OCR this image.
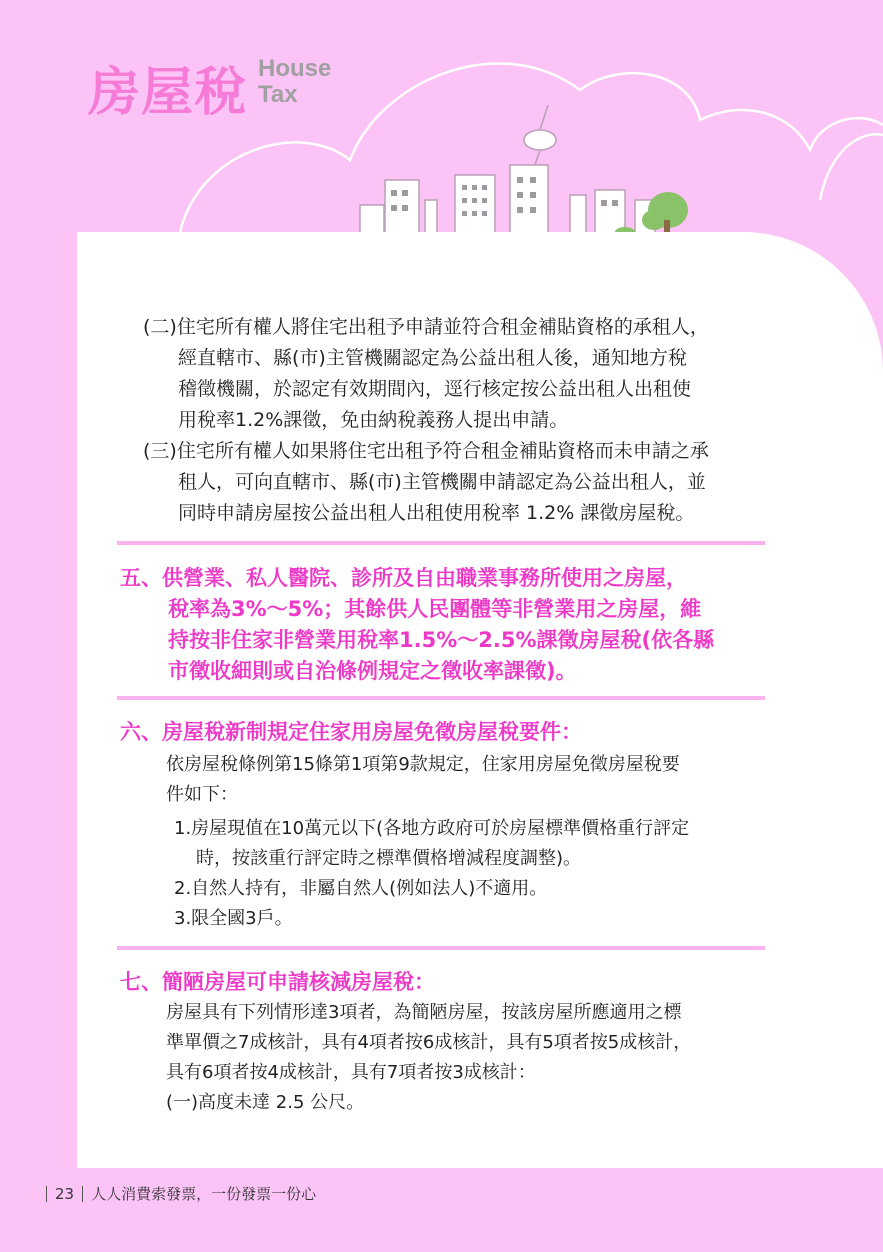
房屋稅 House
Tax

(二)住宅所有權人將住宅出租予申請並符合租金補貼資格的承租人，

經直轄市、縣(市)主管機關認定為公益出租人後，通知地方稅

稽徵機關，於認定有效期間內，逕行核定按公益出租人出租使

用稅率1.2%課徵，免由納稅義務人提出申請。

(三)住宅所有權人如果將住宅出租予符合租金補貼資格而未申請之承

租人，可向直轄市、縣(市)主管機關申請認定為公益出租人，並

同時申請房屋按公益出租人出租使用稅率 1.2% 課徵房屋稅。

五、供營業、私人醫院、診所及自由職業事務所使用之房屋，
稅率為3%～5%；其餘供人民團體等非營業用之房屋，維
持按非住家非營業用稅率1.5%～2.5%課徵房屋稅(依各縣
市徵收細則或自治條例規定之徵收率課徵)。
六、房屋稅新制規定住家用房屋免徵房屋稅要件：

依房屋稅條例第15條第1項第9款規定，住家用房屋免徵房屋稅要

件如下：

1.房屋現值在10萬元以下(各地方政府可於房屋標準價格重行評定

時，按該重行評定時之標準價格增減程度調整)。

2.自然人持有，非屬自然人(例如法人)不適用。

3.限全國3戶。

七、簡陋房屋可申請核減房屋稅：

房屋具有下列情形達3項者，為簡陋房屋，按該房屋所應適用之標

準單價之7成核計，具有4項者按6成核計，具有5項者按5成核計，

具有6項者按4成核計，具有7項者按3成核計：

(一)高度未達 2.5 公尺。

23 人人消費索發票，一份發票一份心
